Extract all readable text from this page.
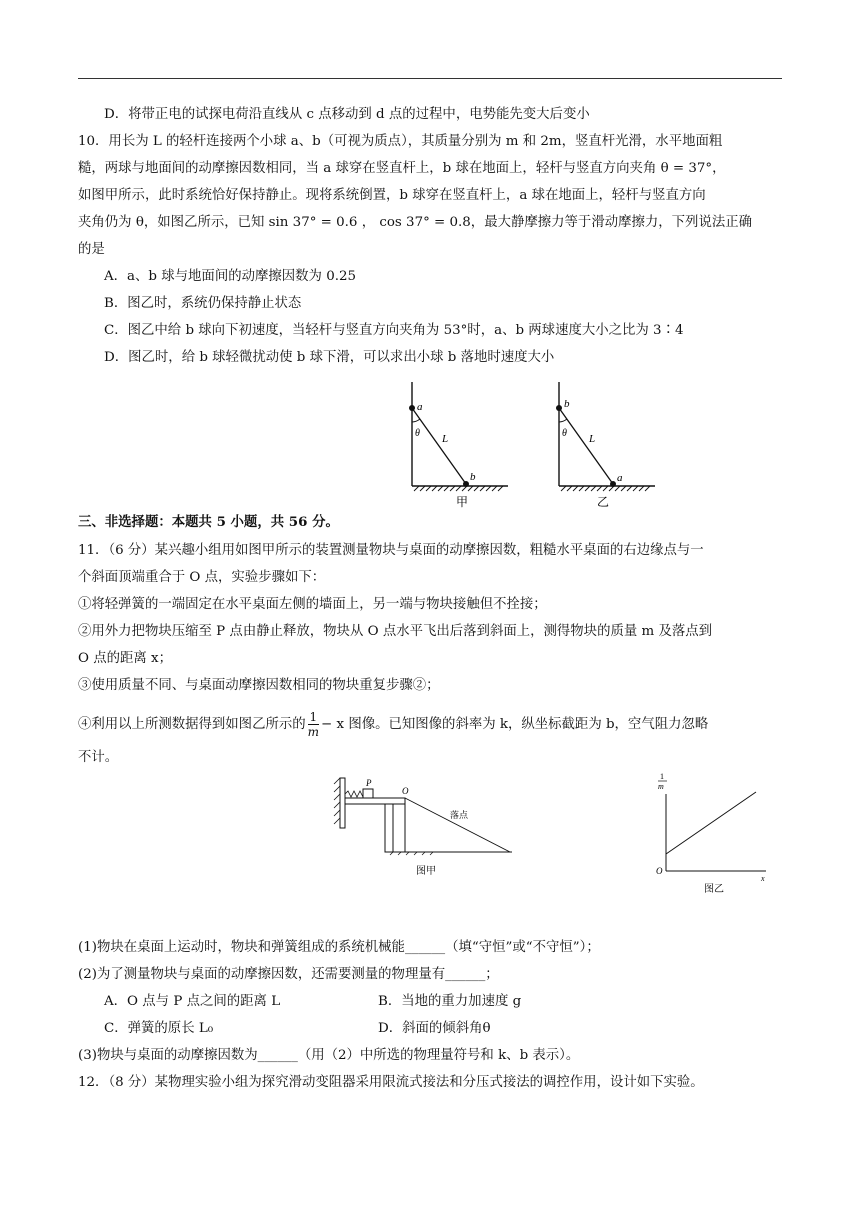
D．将带正电的试探电荷沿直线从 c 点移动到 d 点的过程中，电势能先变大后变小
10．用长为 L 的轻杆连接两个小球 a、b（可视为质点），其质量分别为 m 和 2m，竖直杆光滑，水平地面粗
糙，两球与地面间的动摩擦因数相同，当 a 球穿在竖直杆上，b 球在地面上，轻杆与竖直方向夹角 θ = 37°，
如图甲所示，此时系统恰好保持静止。现将系统倒置，b 球穿在竖直杆上，a 球在地面上，轻杆与竖直方向
夹角仍为 θ，如图乙所示，已知 sin 37° = 0.6 ， cos 37° = 0.8，最大静摩擦力等于滑动摩擦力，下列说法正确
的是
A．a、b 球与地面间的动摩擦因数为 0.25
B．图乙时，系统仍保持静止状态
C．图乙中给 b 球向下初速度，当轻杆与竖直方向夹角为 53°时，a、b 两球速度大小之比为 3∶4
D．图乙时，给 b 球轻微扰动使 b 球下滑，可以求出小球 b 落地时速度大小
a
θ L
b
甲
b
θ L
a
乙
三、非选择题：本题共 5 小题，共 56 分。
11．（6 分）某兴趣小组用如图甲所示的装置测量物块与桌面的动摩擦因数，粗糙水平桌面的右边缘点与一
个斜面顶端重合于 O 点，实验步骤如下：
①将轻弹簧的一端固定在水平桌面左侧的墙面上，另一端与物块接触但不拴接；
②用外力把物块压缩至 P 点由静止释放，物块从 O 点水平飞出后落到斜面上，测得物块的质量 m 及落点到
O 点的距离 x；
③使用质量不同、与桌面动摩擦因数相同的物块重复步骤②；
④利用以上所测数据得到如图乙所示的 $\frac{1}{m} - x$ 图像。已知图像的斜率为 k，纵坐标截距为 b，空气阻力忽略
不计。
P
O
落点
图甲
1
m
O
x
图乙
(1)物块在桌面上运动时，物块和弹簧组成的系统机械能______（填“守恒”或“不守恒”）；
(2)为了测量物块与桌面的动摩擦因数，还需要测量的物理量有______；
A．O 点与 P 点之间的距离 L	B．当地的重力加速度 g
C．弹簧的原长 L₀	D．斜面的倾斜角θ
(3)物块与桌面的动摩擦因数为______（用（2）中所选的物理量符号和 k、b 表示）。
12．（8 分）某物理实验小组为探究滑动变阻器采用限流式接法和分压式接法的调控作用，设计如下实验。
